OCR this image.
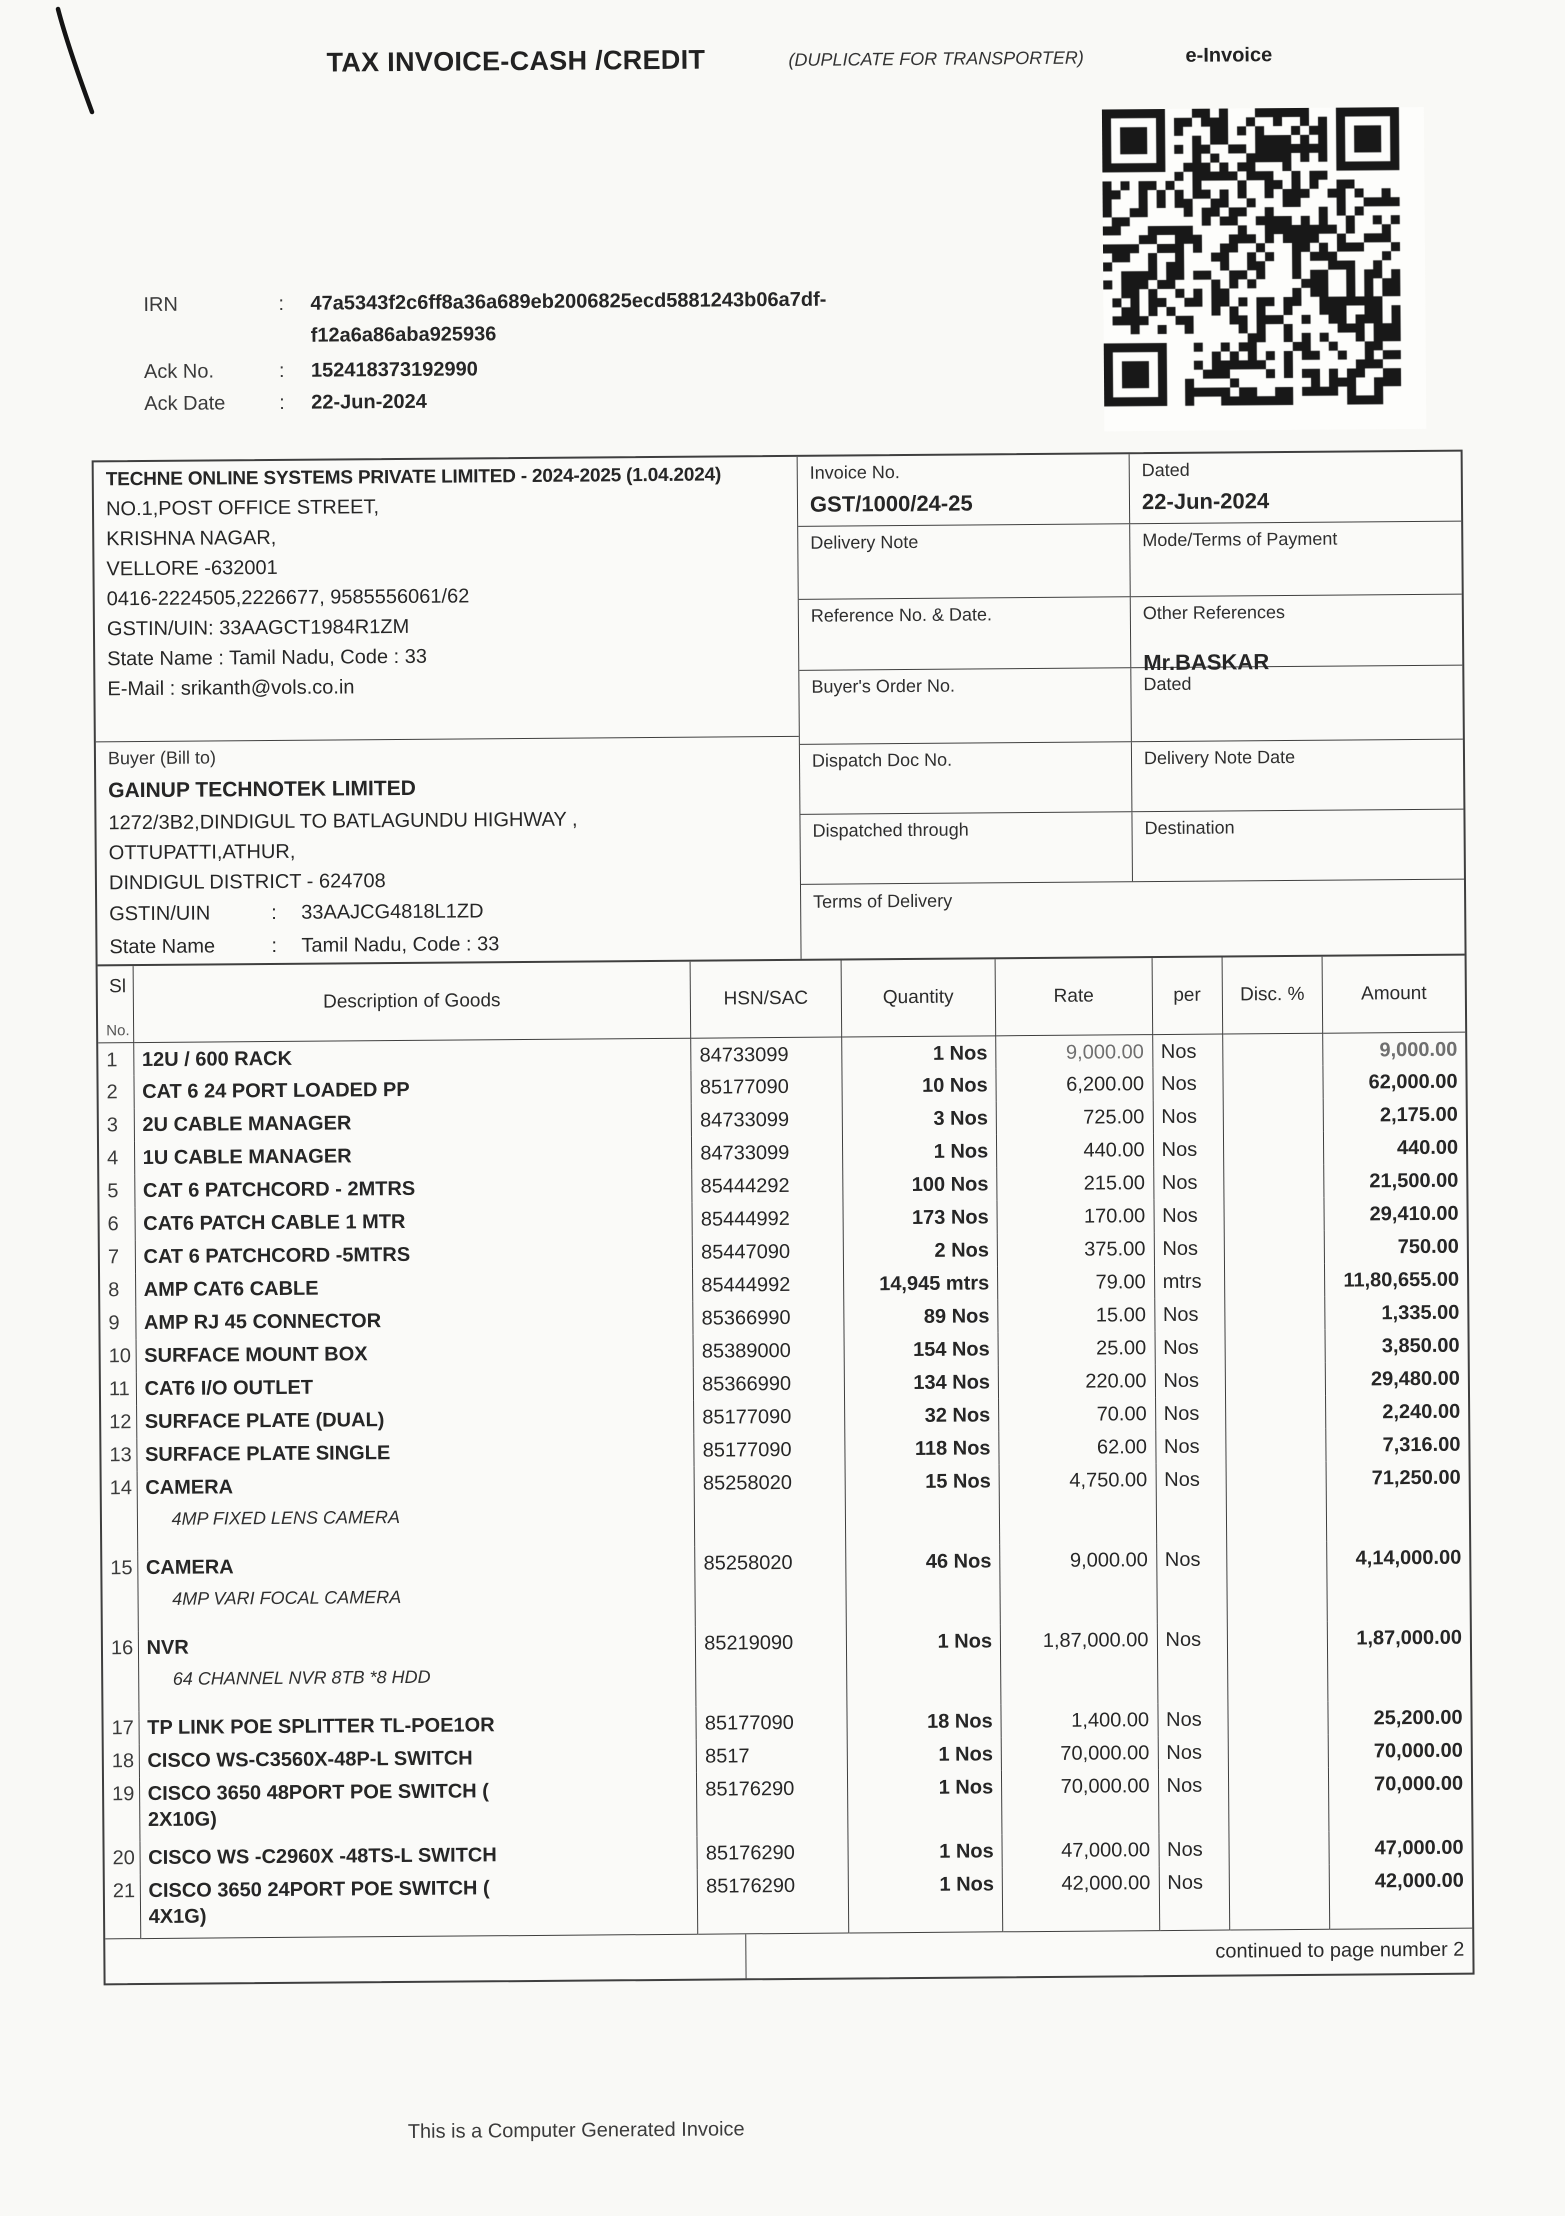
TAX INVOICE-CASH /CREDIT	(DUPLICATE FOR TRANSPORTER)	e-Invoice
IRN	:	47a5343f2c6ff8a36a689eb2006825ecd5881243b06a7df-
f12a6a86aba925936
Ack No.	:	152418373192990
Ack Date	:	22-Jun-2024
TECHNE ONLINE SYSTEMS PRIVATE LIMITED - 2024-2025 (1.04.2024)
NO.1,POST OFFICE STREET,
KRISHNA NAGAR,
VELLORE -632001
0416-2224505,2226677, 9585556061/62
GSTIN/UIN: 33AAGCT1984R1ZM
State Name : Tamil Nadu, Code : 33
E-Mail : srikanth@vols.co.in
Buyer (Bill to)
GAINUP TECHNOTEK LIMITED
1272/3B2,DINDIGUL TO BATLAGUNDU HIGHWAY ,
OTTUPATTI,ATHUR,
DINDIGUL DISTRICT - 624708
GSTIN/UIN	:	33AAJCG4818L1ZD
State Name	:	Tamil Nadu, Code : 33
Invoice No.
GST/1000/24-25
Dated
22-Jun-2024
Delivery Note	Mode/Terms of Payment
Reference No. & Date.	Other References
Mr.BASKAR
Buyer's Order No.	Dated
Dispatch Doc No.	Delivery Note Date
Dispatched through	Destination
Terms of Delivery
Sl
No.	Description of Goods	HSN/SAC	Quantity	Rate	per	Disc. %	Amount
1	12U / 600 RACK	84733099	1 Nos	9,000.00	Nos		9,000.00
2	CAT 6 24 PORT LOADED PP	85177090	10 Nos	6,200.00	Nos		62,000.00
3	2U CABLE MANAGER	84733099	3 Nos	725.00	Nos		2,175.00
4	1U CABLE MANAGER	84733099	1 Nos	440.00	Nos		440.00
5	CAT 6 PATCHCORD - 2MTRS	85444292	100 Nos	215.00	Nos		21,500.00
6	CAT6 PATCH CABLE 1 MTR	85444992	173 Nos	170.00	Nos		29,410.00
7	CAT 6 PATCHCORD -5MTRS	85447090	2 Nos	375.00	Nos		750.00
8	AMP CAT6 CABLE	85444992	14,945 mtrs	79.00	mtrs		11,80,655.00
9	AMP RJ 45 CONNECTOR	85366990	89 Nos	15.00	Nos		1,335.00
10	SURFACE MOUNT BOX	85389000	154 Nos	25.00	Nos		3,850.00
11	CAT6 I/O OUTLET	85366990	134 Nos	220.00	Nos		29,480.00
12	SURFACE PLATE (DUAL)	85177090	32 Nos	70.00	Nos		2,240.00
13	SURFACE PLATE SINGLE	85177090	118 Nos	62.00	Nos		7,316.00
14	CAMERA
4MP FIXED LENS CAMERA	85258020	15 Nos	4,750.00	Nos		71,250.00
15	CAMERA
4MP VARI FOCAL CAMERA	85258020	46 Nos	9,000.00	Nos		4,14,000.00
16	NVR
64 CHANNEL NVR 8TB *8 HDD	85219090	1 Nos	1,87,000.00	Nos		1,87,000.00
17	TP LINK POE SPLITTER TL-POE1OR	85177090	18 Nos	1,400.00	Nos		25,200.00
18	CISCO WS-C3560X-48P-L SWITCH	8517	1 Nos	70,000.00	Nos		70,000.00
19	CISCO 3650 48PORT POE SWITCH (
2X10G)	85176290	1 Nos	70,000.00	Nos		70,000.00
20	CISCO WS -C2960X -48TS-L SWITCH	85176290	1 Nos	47,000.00	Nos		47,000.00
21	CISCO 3650 24PORT POE SWITCH (
4X1G)	85176290	1 Nos	42,000.00	Nos		42,000.00
continued to page number 2
This is a Computer Generated Invoice
